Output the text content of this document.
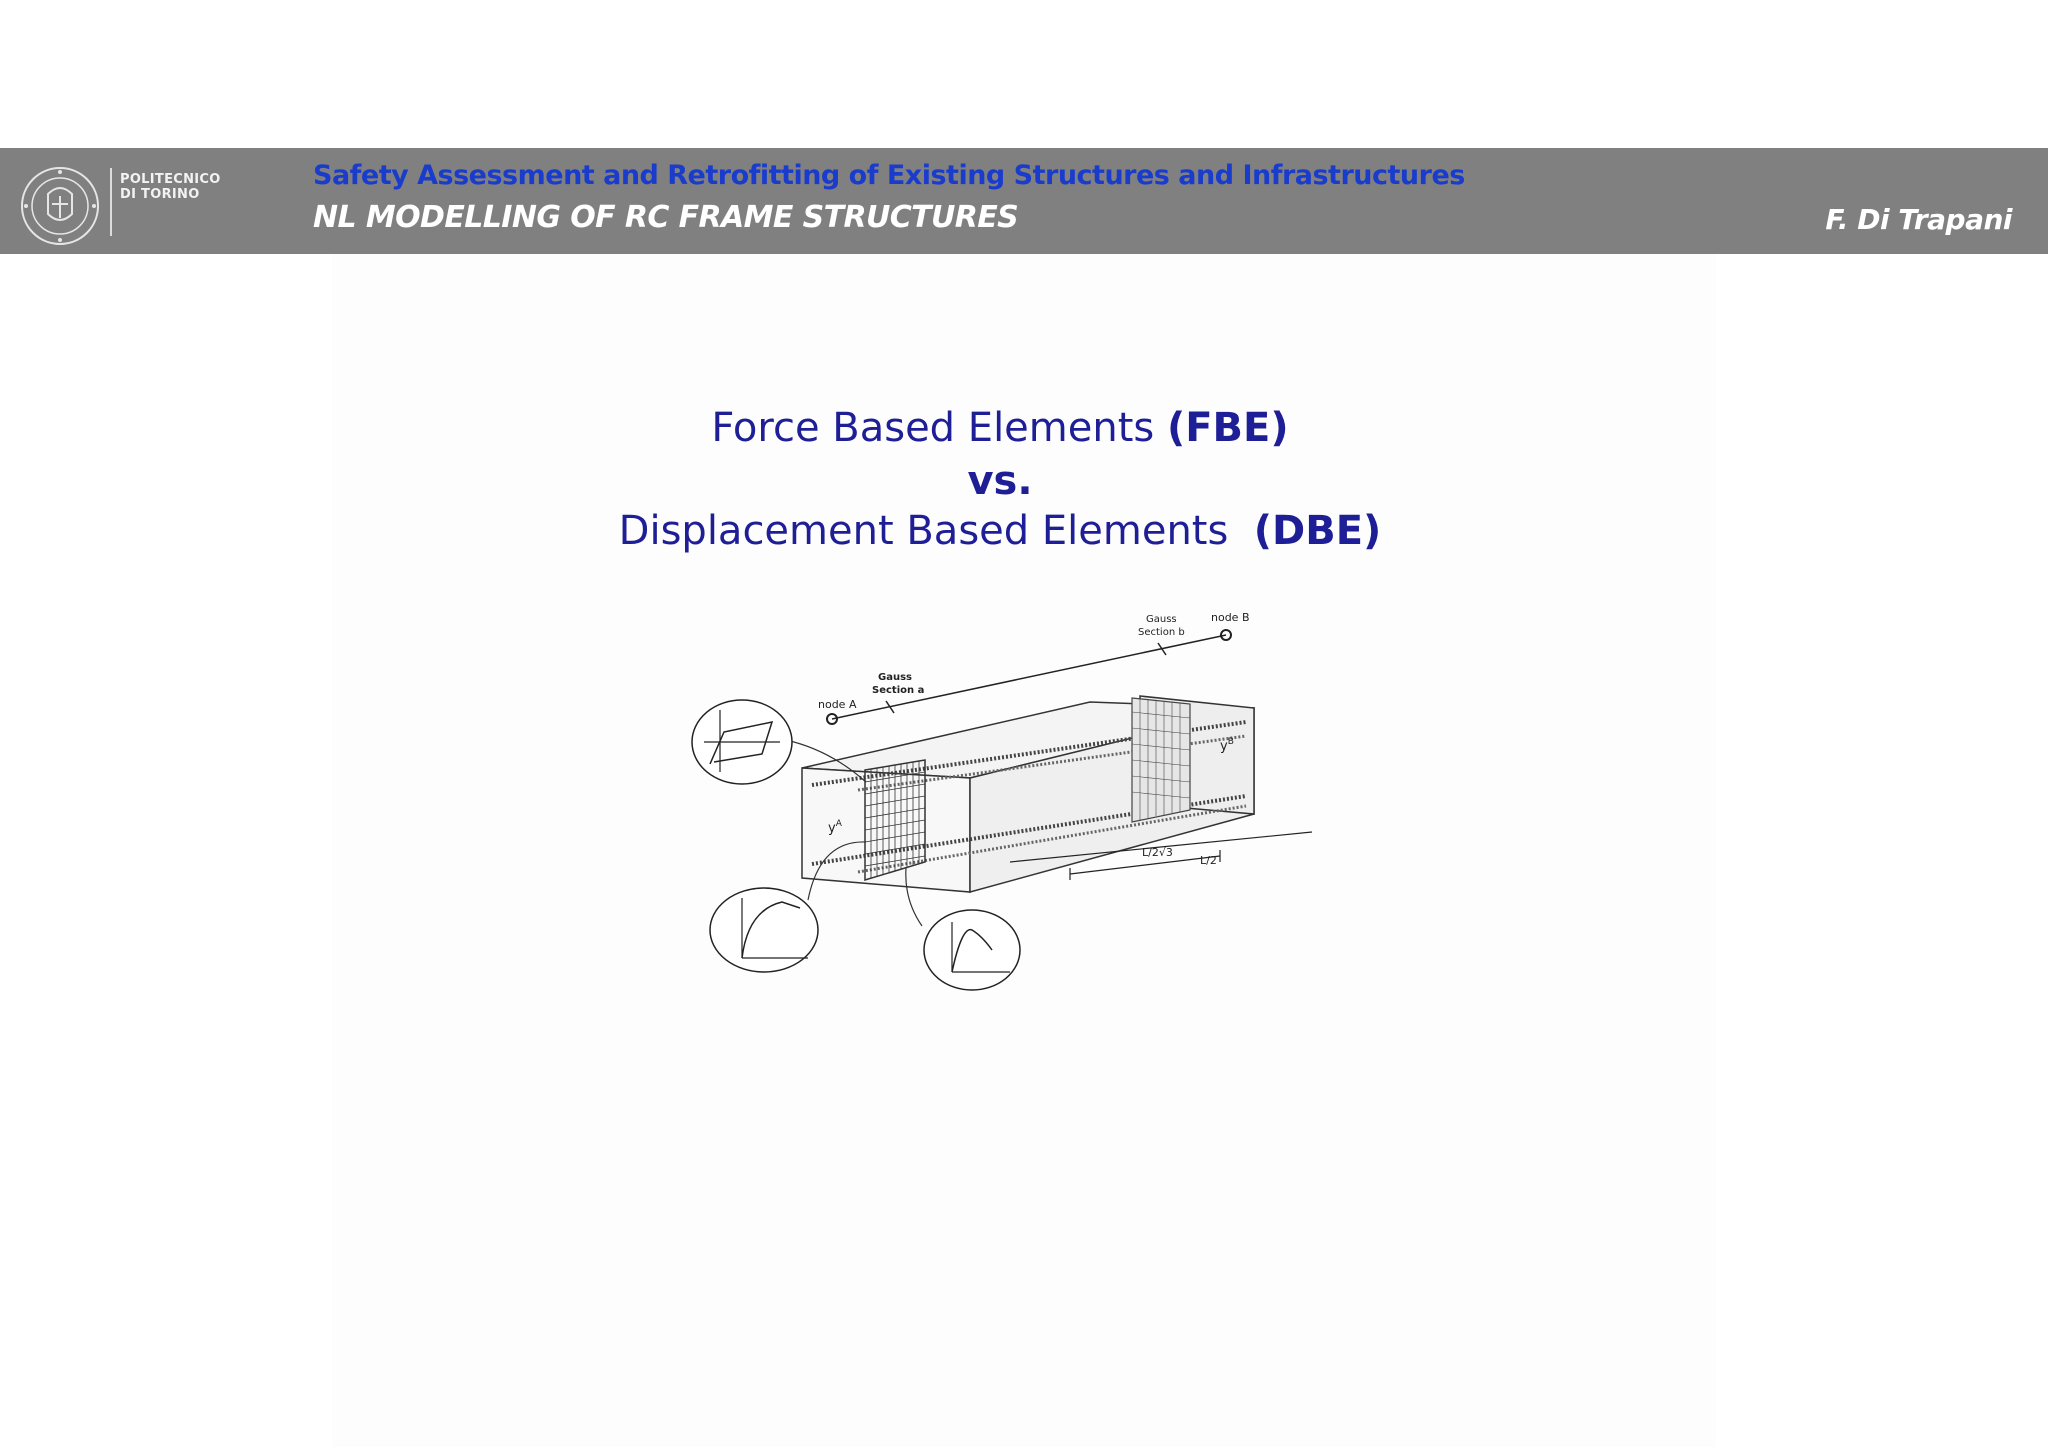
POLITECNICO
DI TORINO
Safety Assessment and Retrofitting of Existing Structures and Infrastructures
NL MODELLING OF RC FRAME STRUCTURES	F. Di Trapani
Force Based Elements (FBE)
vs.
Displacement Based Elements  (DBE)
node A
node B
Gauss
Section a
Gauss
Section b
$y^A$
$y^B$
L/2√3
L/2
